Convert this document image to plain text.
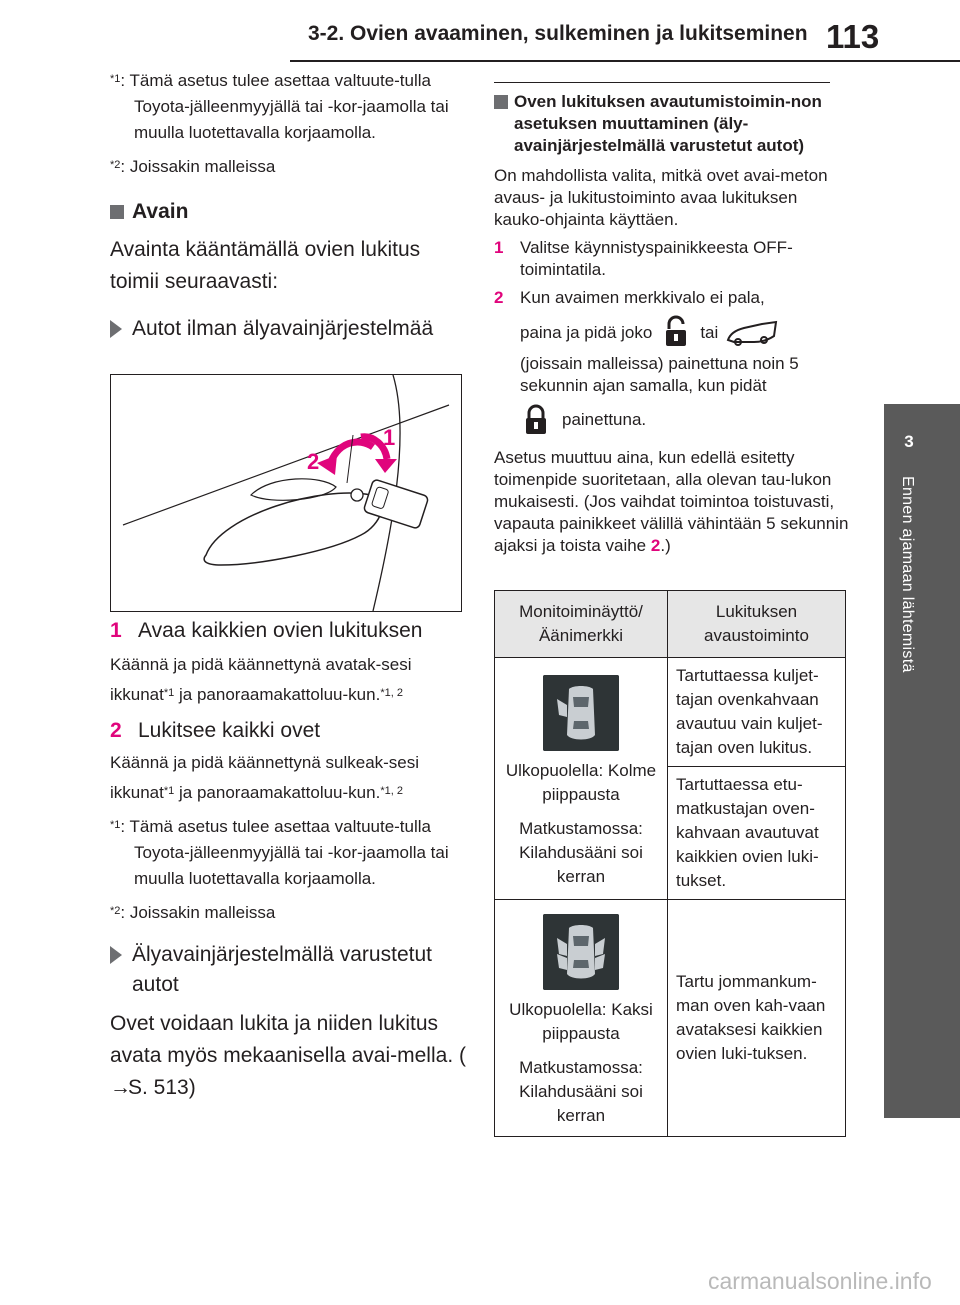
3-2. Ovien avaaminen, sulkeminen ja lukitseminen 113
3
Ennen ajamaan lähtemistä
$^{*1}$: Tämä asetus tulee asettaa valtuute-tulla Toyota-jälleenmyyjällä tai -kor-jaamolla tai muulla luotettavalla korjaamolla.
$^{*2}$: Joissakin malleissa
Avain
Avainta kääntämällä ovien lukitus toimii seuraavasti:
Autot ilman älyavainjärjestelmää
1
2
1 Avaa kaikkien ovien lukituksen
Käännä ja pidä käännettynä avatak-sesi ikkunat$^{*1}$ ja panoraamakattoluu-kun.$^{*1, 2}$
2 Lukitsee kaikki ovet
Käännä ja pidä käännettynä sulkeak-sesi ikkunat$^{*1}$ ja panoraamakattoluu-kun.$^{*1, 2}$
$^{*1}$: Tämä asetus tulee asettaa valtuute-tulla Toyota-jälleenmyyjällä tai -kor-jaamolla tai muulla luotettavalla korjaamolla.
$^{*2}$: Joissakin malleissa
Älyavainjärjestelmällä varustetut autot
Ovet voidaan lukita ja niiden lukitus avata myös mekaanisella avai-mella. (→S. 513)
Oven lukituksen avautumistoimin-non asetuksen muuttaminen (äly-avainjärjestelmällä varustetut autot)
On mahdollista valita, mitkä ovet avai-meton avaus- ja lukitustoiminto avaa lukituksen kauko-ohjainta käyttäen.
1 Valitse käynnistyspainikkeesta OFF-toimintatila.
2 Kun avaimen merkkivalo ei pala,
paina ja pidä joko	tai
(joissain malleissa) painettuna noin 5 sekunnin ajan samalla, kun pidät
painettuna.
Asetus muuttuu aina, kun edellä esitetty toimenpide suoritetaan, alla olevan tau-lukon mukaisesti. (Jos vaihdat toimintoa toistuvasti, vapauta painikkeet välillä vähintään 5 sekunnin ajaksi ja toista vaihe 2.)
Monitoiminäyttö/ Äänimerkki	Lukituksen avaustoiminto

Ulkopuolella: Kolme piippausta
Matkustamossa: Kilahdusääni soi kerran	Tartuttaessa kuljet-tajan ovenkahvaan avautuu vain kuljet-tajan oven lukitus.
	Tartuttaessa etu-matkustajan oven-kahvaan avautuvat kaikkien ovien luki-tukset.

Ulkopuolella: Kaksi piippausta
Matkustamossa: Kilahdusääni soi kerran	Tartu jommankum-man oven kah-vaan avataksesi kaikkien ovien luki-tuksen.
carmanualsonline.info
